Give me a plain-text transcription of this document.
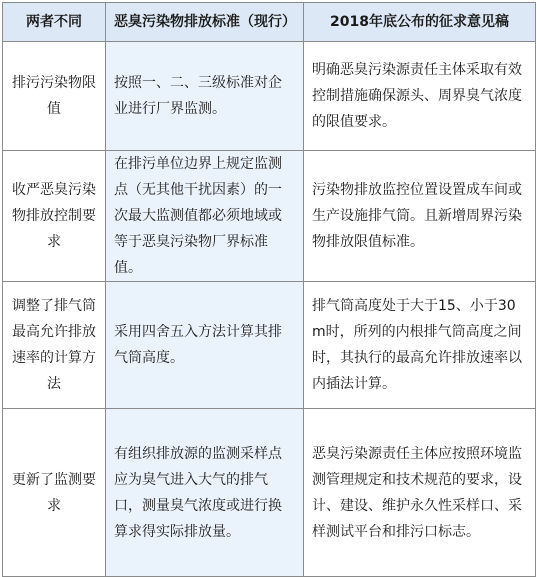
两者不同	恶臭污染物排放标准（现行）	2018年底公布的征求意见稿
排污污染物限值	按照一、二、三级标准对企业进行厂界监测。	明确恶臭污染源责任主体采取有效控制措施确保源头、周界臭气浓度的限值要求。
收严恶臭污染物排放控制要求	在排污单位边界上规定监测点（无其他干扰因素）的一次最大监测值都必须地域或等于恶臭污染物厂界标准值。	污染物排放监控位置设置成车间或生产设施排气筒。且新增周界污染物排放限值标准。
调整了排气筒最高允许排放速率的计算方法	采用四舍五入方法计算其排气筒高度。	排气筒高度处于大于15、小于30m时，所列的内根排气筒高度之间时，其执行的最高允许排放速率以内插法计算。
更新了监测要求	有组织排放源的监测采样点应为臭气进入大气的排气口，测量臭气浓度或进行换算求得实际排放量。	恶臭污染源责任主体应按照环境监测管理规定和技术规范的要求，设计、建设、维护永久性采样口、采样测试平台和排污口标志。
